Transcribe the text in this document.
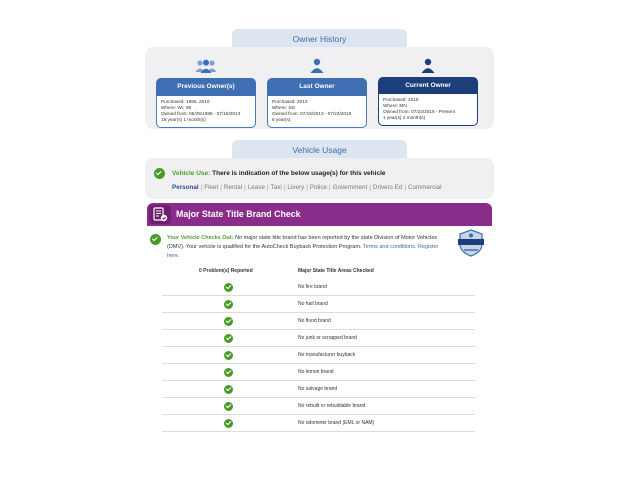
Owner History
Previous Owner(s)
Purchased: 1995, 2010
Where: WI, WI
Owned from: 05/25/1995 - 07/15/2013
18 year(s) 1 month(s)
Last Owner
Purchased: 2013
Where: SD
Owned from: 07/15/2013 - 07/23/2019
6 year(s)
Current Owner
Purchased: 2019
Where: MN
Owned from: 07/23/2019 - Present
1 year(s) 4 month(s)
Vehicle Usage
Vehicle Use: There is indication of the below usage(s) for this vehicle
Personal | Fleet | Rental | Lease | Taxi | Livery | Police | Government | Drivers Ed | Commercial
Major State Title Brand Check
Your Vehicle Checks Out: No major state title brand has been reported by the state Division of Motor Vehicles (DMV). Your vehicle is qualified for the AutoCheck Buyback Protection Program. Terms and conditions. Register here.
0 Problem(s) Reported	Major State Title Areas Checked
No fire brand
No hail brand
No flood brand
No junk or scrapped brand
No manufacturer buyback
No lemon brand
No salvage brand
No rebuilt or rebuildable brand
No odometer brand (EML or NAM)
